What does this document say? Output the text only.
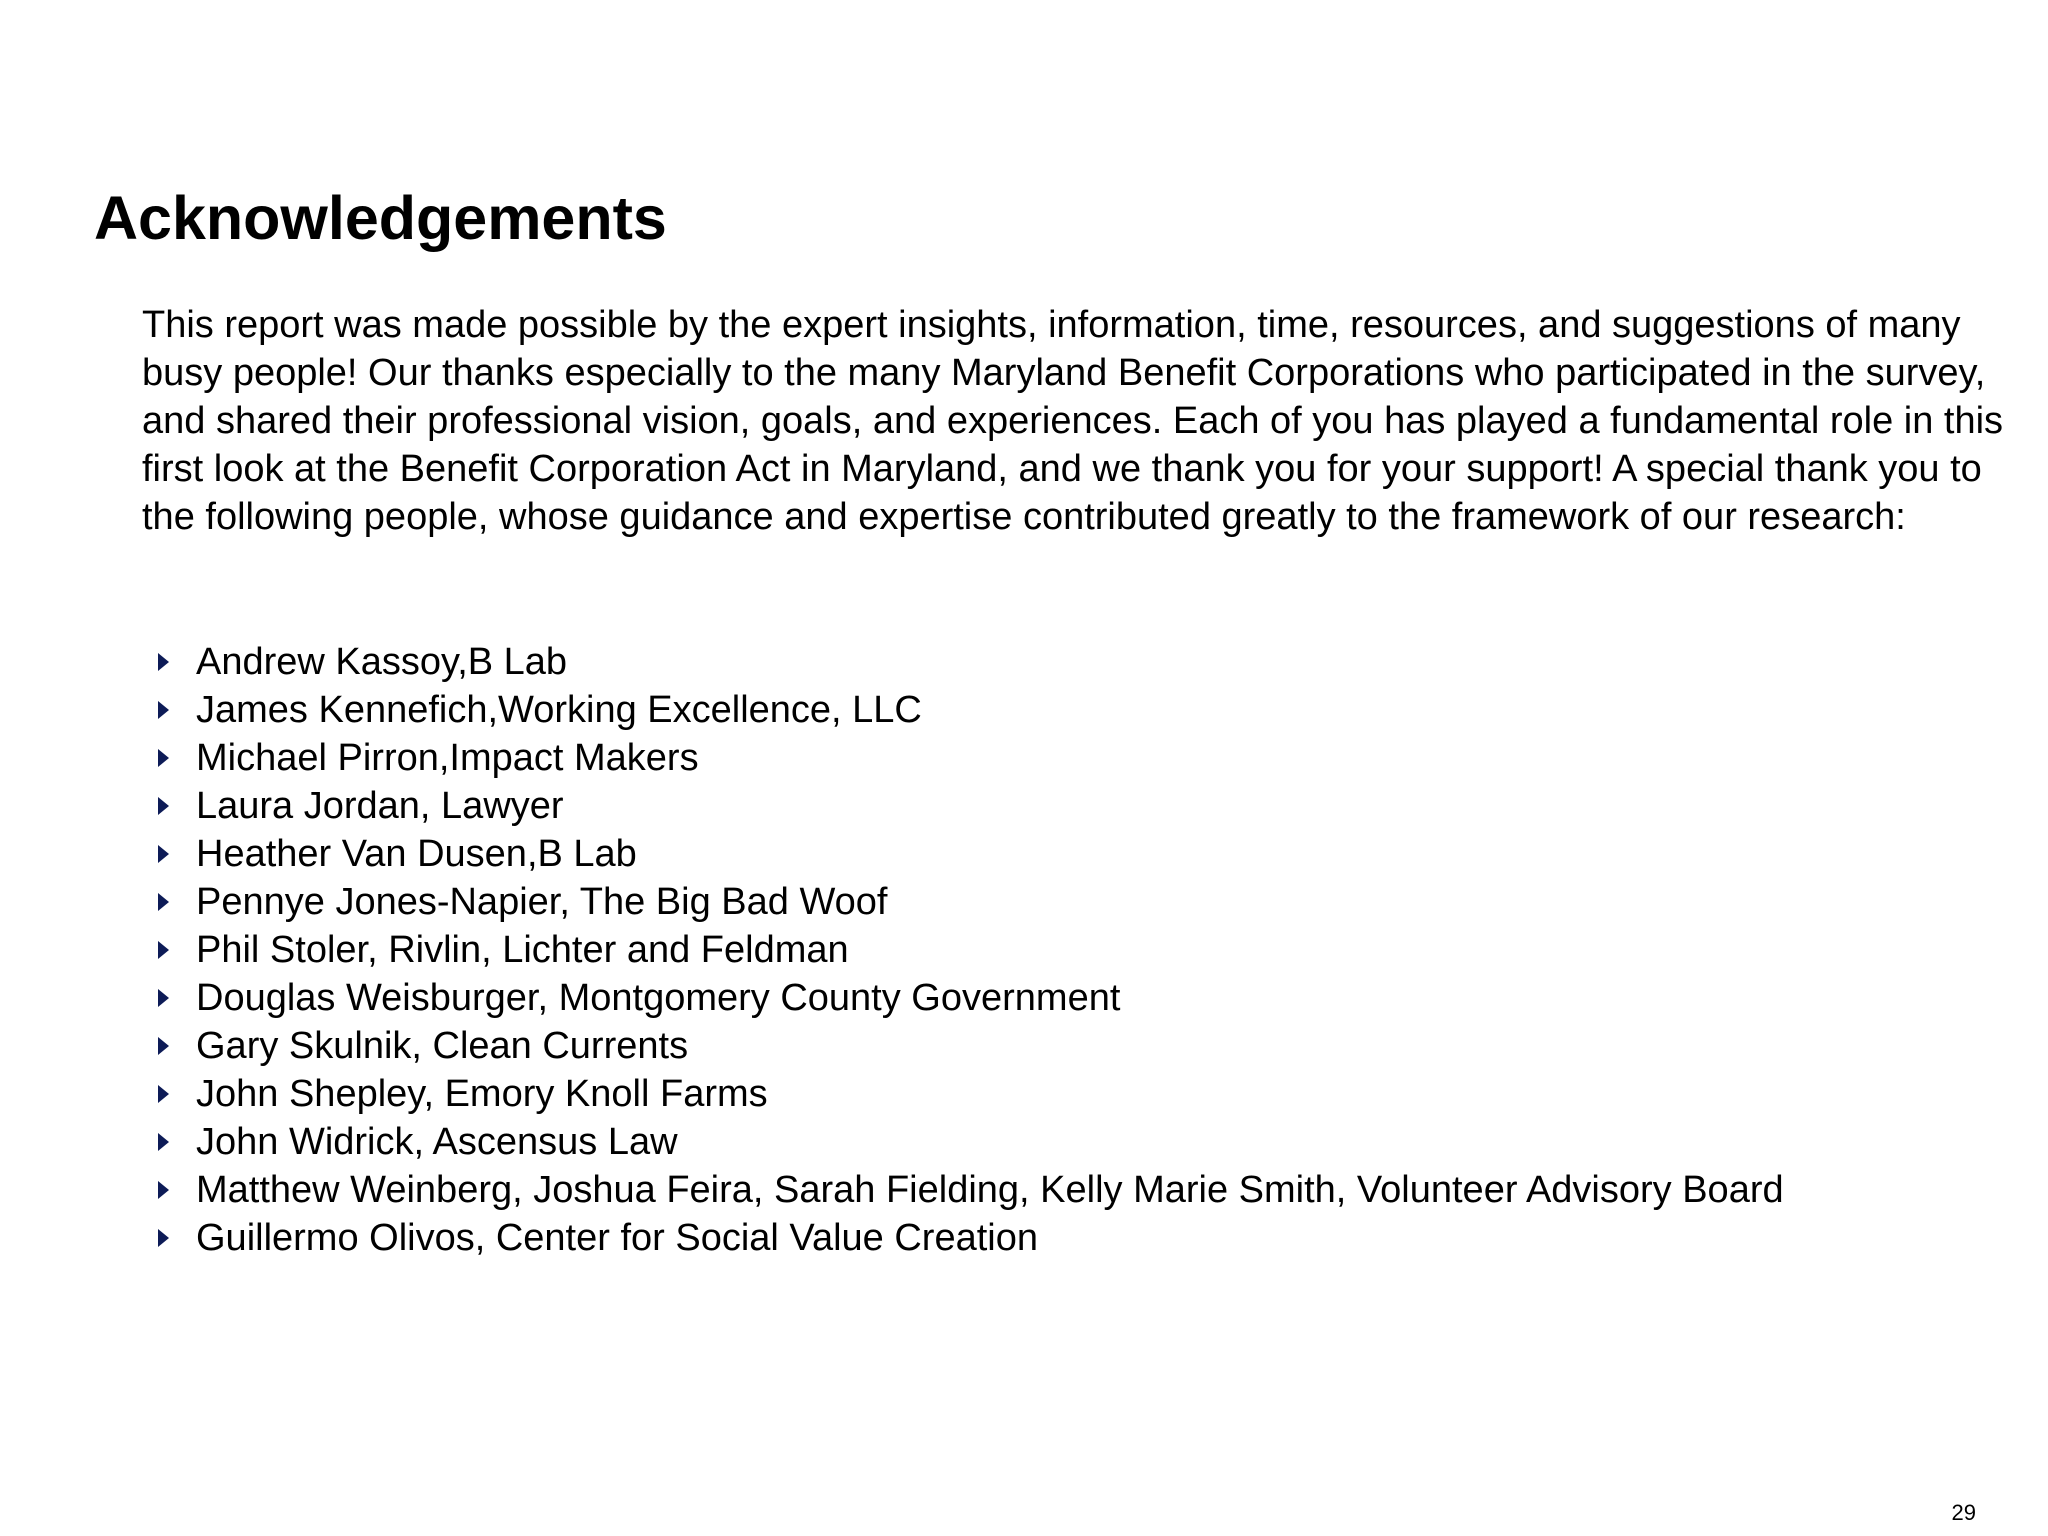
Acknowledgements

This report was made possible by the expert insights, information, time, resources, and suggestions of many busy people! Our thanks especially to the many Maryland Benefit Corporations who participated in the survey, and shared their professional vision, goals, and experiences. Each of you has played a fundamental role in this first look at the Benefit Corporation Act in Maryland, and we thank you for your support! A special thank you to the following people, whose guidance and expertise contributed greatly to the framework of our research:

Andrew Kassoy,B Lab
James Kennefich,Working Excellence, LLC
Michael Pirron,Impact Makers
Laura Jordan, Lawyer
Heather Van Dusen,B Lab
Pennye Jones-Napier, The Big Bad Woof
Phil Stoler, Rivlin, Lichter and Feldman
Douglas Weisburger, Montgomery County Government
Gary Skulnik, Clean Currents
John Shepley, Emory Knoll Farms
John Widrick, Ascensus Law
Matthew Weinberg, Joshua Feira, Sarah Fielding, Kelly Marie Smith, Volunteer Advisory Board
Guillermo Olivos, Center for Social Value Creation
29
